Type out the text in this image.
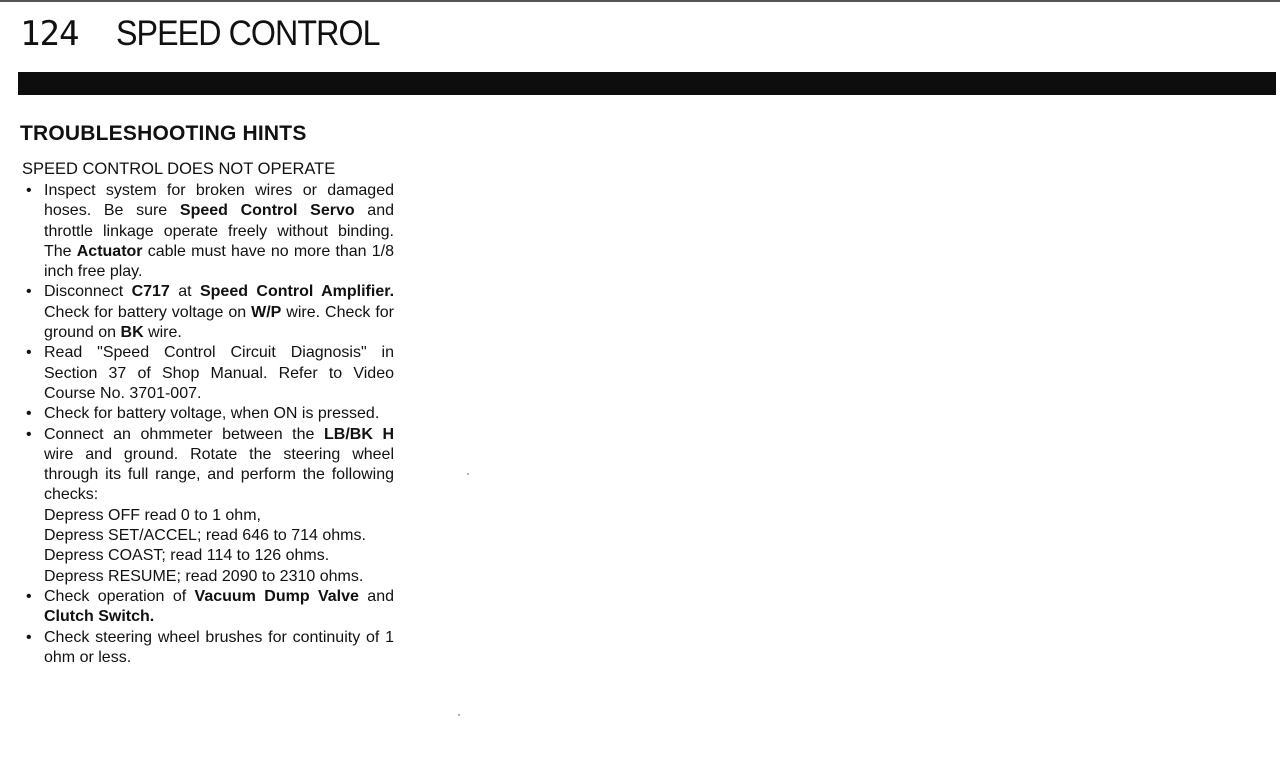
124 SPEED CONTROL
TROUBLESHOOTING HINTS

SPEED CONTROL DOES NOT OPERATE

• Inspect system for broken wires or damaged hoses. Be sure Speed Control Servo and throttle linkage operate freely without binding. The Actuator cable must have no more than 1/8 inch free play.
• Disconnect C717 at Speed Control Amplifier. Check for battery voltage on W/P wire. Check for ground on BK wire.
• Read "Speed Control Circuit Diagnosis" in Section 37 of Shop Manual. Refer to Video Course No. 3701-007.
• Check for battery voltage, when ON is pressed.
• Connect an ohmmeter between the LB/BK H wire and ground. Rotate the steering wheel through its full range, and perform the following checks:
Depress OFF read 0 to 1 ohm,
Depress SET/ACCEL; read 646 to 714 ohms.
Depress COAST; read 114 to 126 ohms.
Depress RESUME; read 2090 to 2310 ohms.
• Check operation of Vacuum Dump Valve and Clutch Switch.
• Check steering wheel brushes for continuity of 1 ohm or less.
